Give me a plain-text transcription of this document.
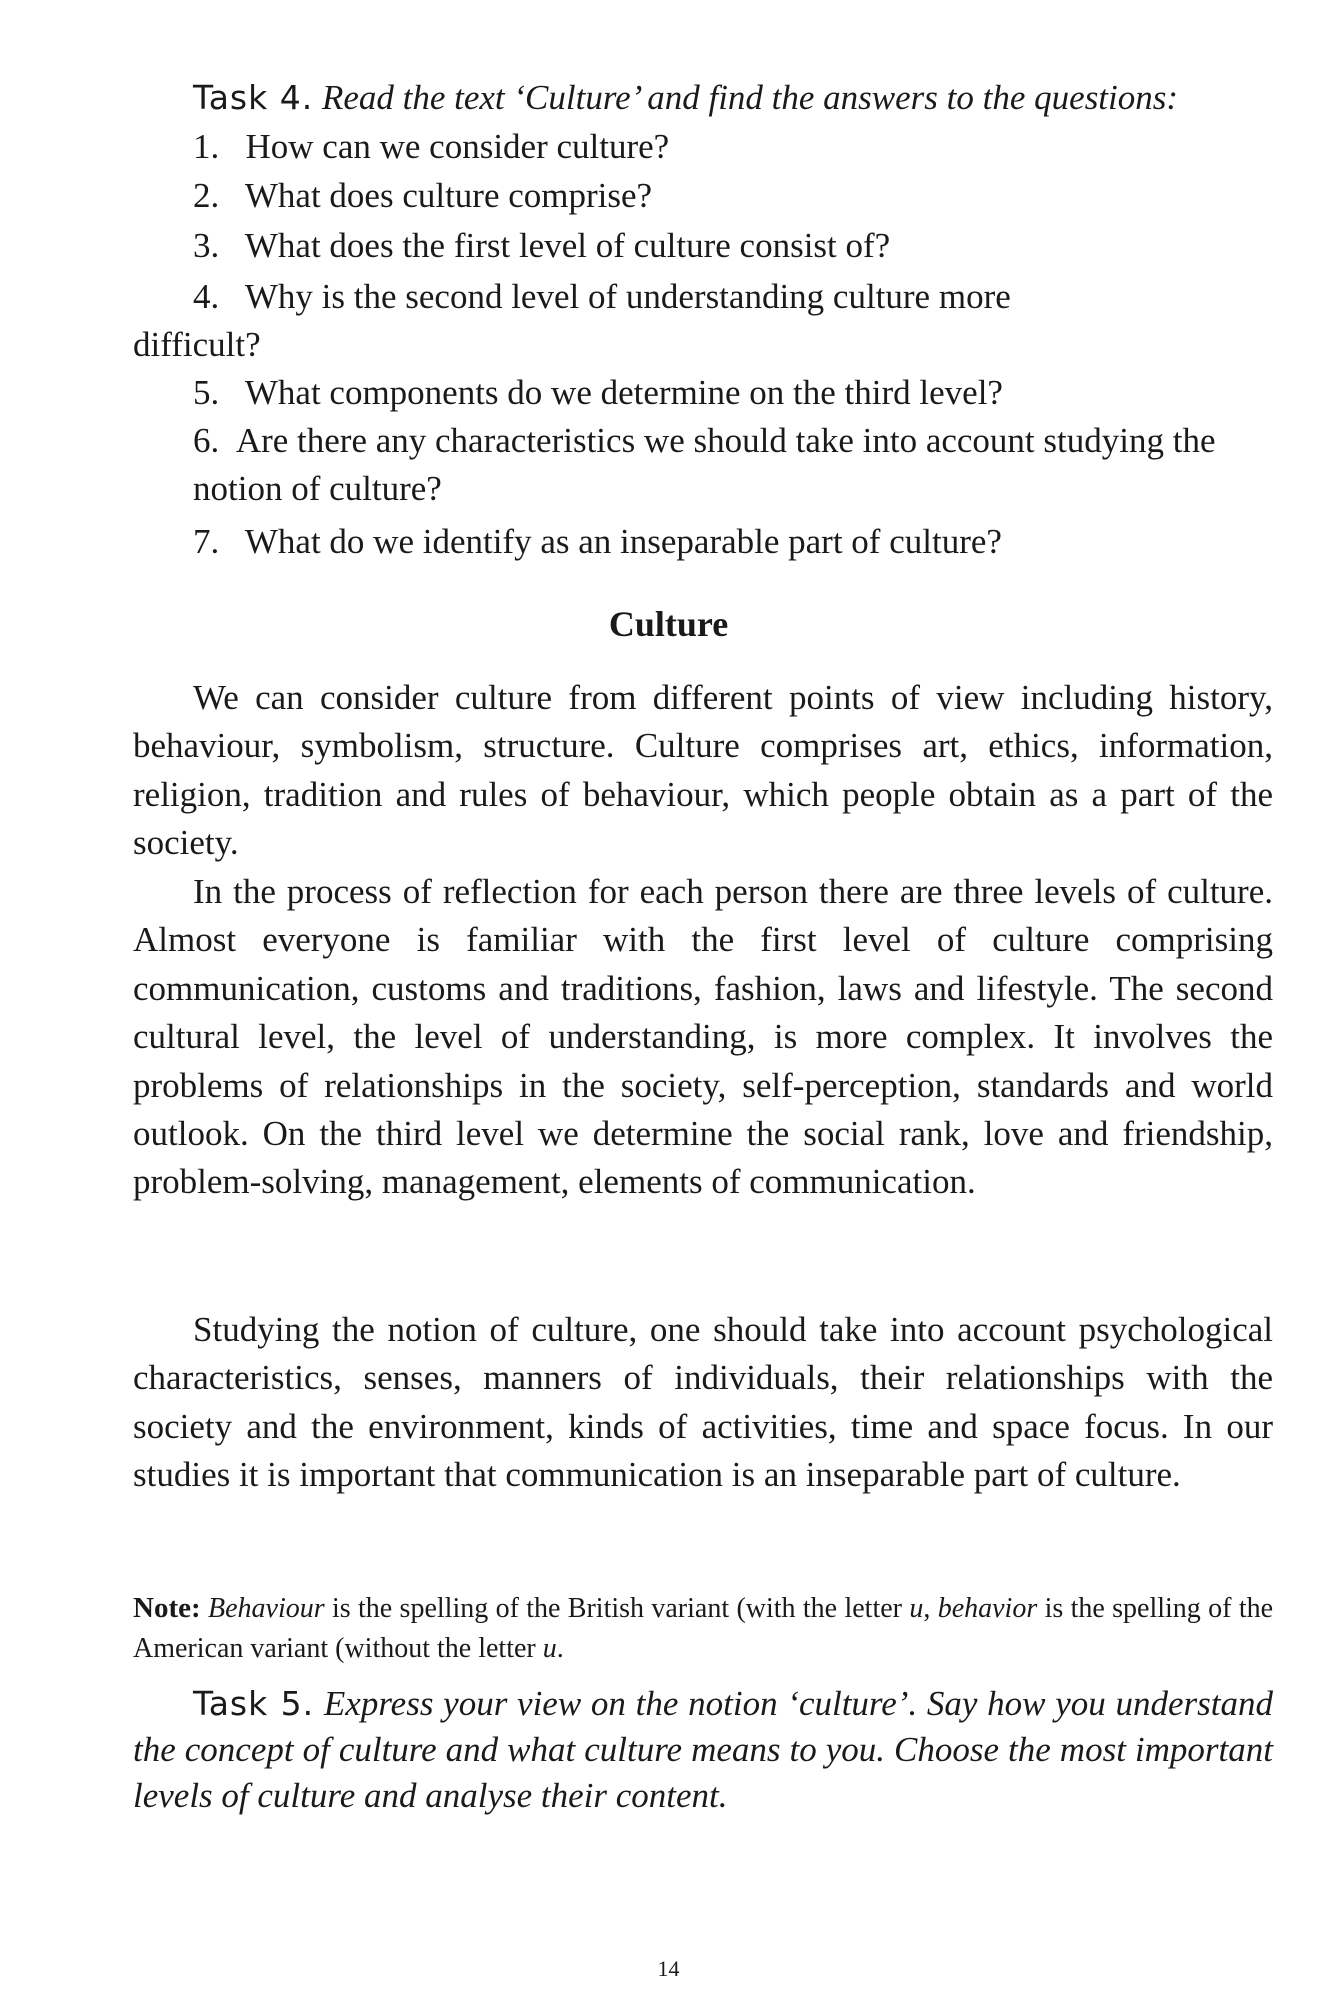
Task 4. Read the text ‘Culture’ and find the answers to the questions:
1.   How can we consider culture?
2.   What does culture comprise?
3.   What does the first level of culture consist of?
4.   Why is the second level of understanding culture more
difficult?
5.   What components do we determine on the third level?
6. Are there any characteristics we should take into account studying the notion of culture?
7.   What do we identify as an inseparable part of culture?
Culture

We can consider culture from different points of view including history, behaviour, symbolism, structure. Culture comprises art, ethics, information, religion, tradition and rules of behaviour, which people obtain as a part of the society.

In the process of reflection for each person there are three levels of culture. Almost everyone is familiar with the first level of culture comprising communication, customs and traditions, fashion, laws and lifestyle. The second cultural level, the level of understanding, is more complex. It involves the problems of relationships in the society, self-perception, standards and world outlook. On the third level we determine the social rank, love and friendship, problem-solving, management, elements of communication.

Studying the notion of culture, one should take into account psychological characteristics, senses, manners of individuals, their relationships with the society and the environment, kinds of activities, time and space focus. In our studies it is important that communication is an inseparable part of culture.

Note: Behaviour is the spelling of the British variant (with the letter u, behavior is the spelling of the American variant (without the letter u.
Task 5. Express your view on the notion ‘culture’. Say how you understand the concept of culture and what culture means to you. Choose the most important levels of culture and analyse their content.
14
